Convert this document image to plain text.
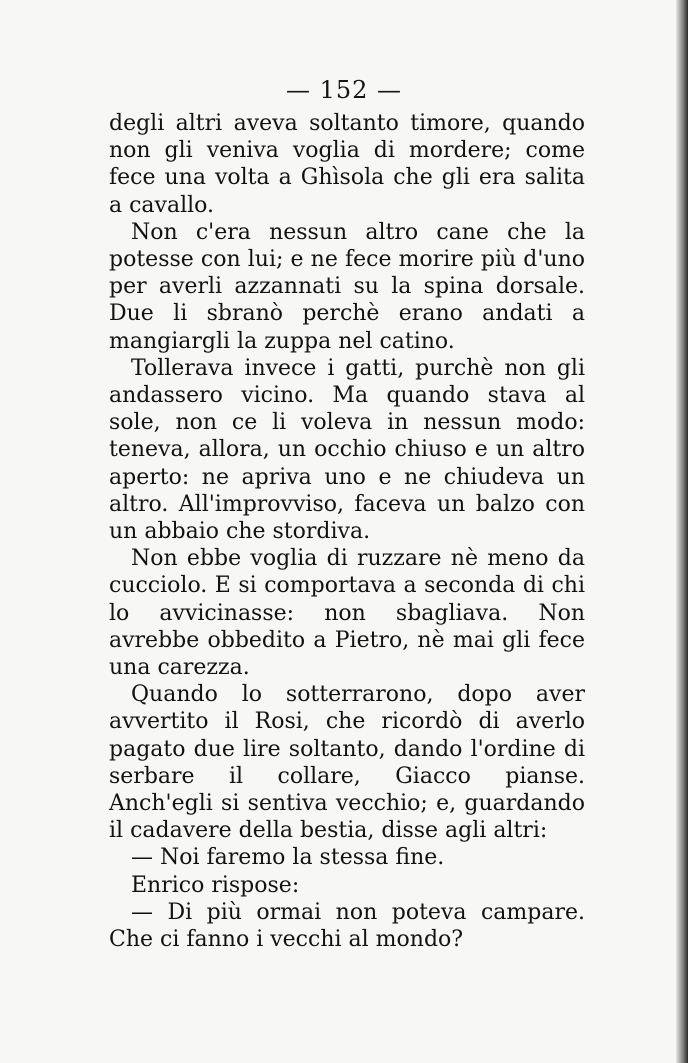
— 152 —

degli altri aveva soltanto timore, quando non gli veniva voglia di mordere; come fece una volta a Ghìsola che gli era salita a cavallo.

Non c'era nessun altro cane che la potesse con lui; e ne fece morire più d'uno per averli azzannati su la spina dorsale. Due li sbranò perchè erano andati a mangiargli la zuppa nel catino.

Tollerava invece i gatti, purchè non gli andassero vicino. Ma quando stava al sole, non ce li voleva in nessun modo: teneva, allora, un occhio chiuso e un altro aperto: ne apriva uno e ne chiudeva un altro. All'improvviso, faceva un balzo con un abbaio che stordiva.

Non ebbe voglia di ruzzare nè meno da cucciolo. E si comportava a seconda di chi lo avvicinasse: non sbagliava. Non avrebbe obbedito a Pietro, nè mai gli fece una carezza.

Quando lo sotterrarono, dopo aver avvertito il Rosi, che ricordò di averlo pagato due lire soltanto, dando l'ordine di serbare il collare, Giacco pianse. Anch'egli si sentiva vecchio; e, guardando il cadavere della bestia, disse agli altri:

— Noi faremo la stessa fine.

Enrico rispose:

— Di più ormai non poteva campare. Che ci fanno i vecchi al mondo?
